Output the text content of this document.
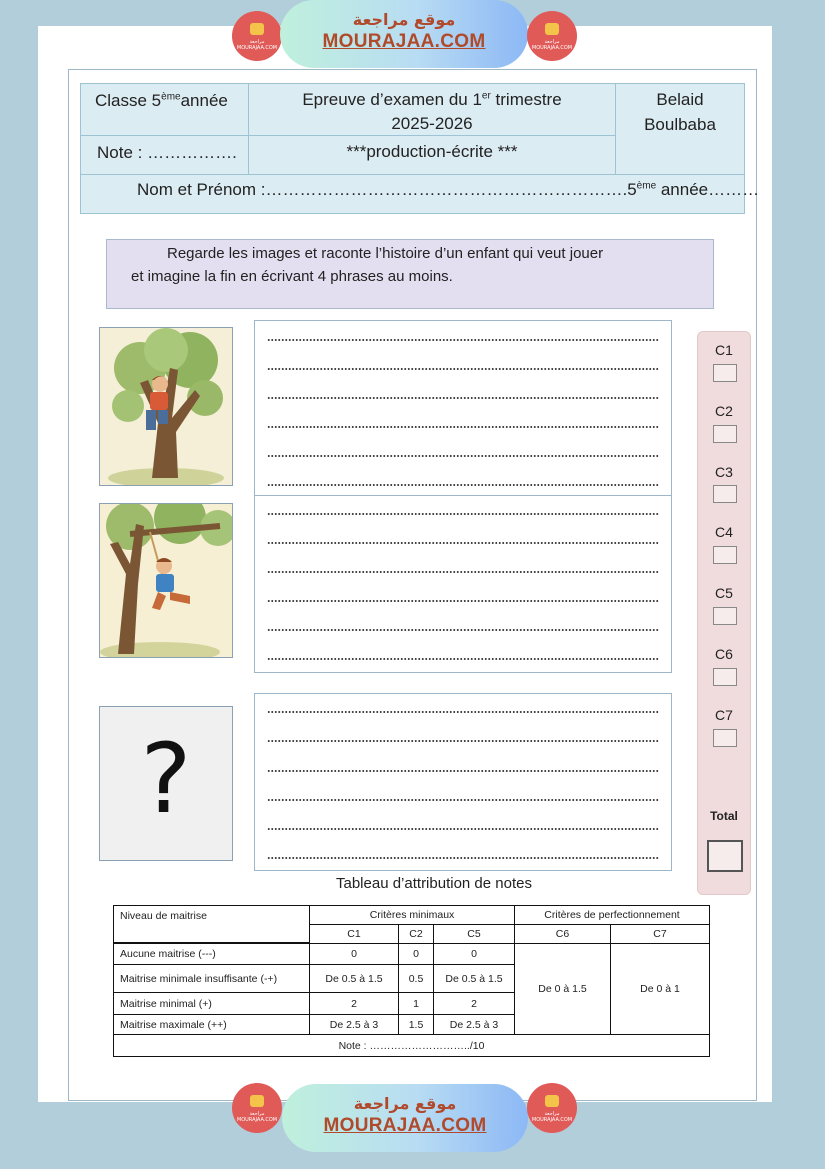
مراجعة MOURAJAA.COM
موقع مراجعة
MOURAJAA.COM	مراجعة MOURAJAA.COM
Classe 5èmeannée	Epreuve d’examen du 1er trimestre
2025-2026
Belaid
Boulbaba
Note : …………….	***production-écrite ***
Nom et Prénom :……………………………………………………….5ème année………
Regarde les images et raconte l’histoire d’un enfant qui veut jouer
et imagine la fin en écrivant 4 phrases au moins.
?
C1
C2
C3
C4
C5
C6
C7
Total
Tableau d’attribution de notes
Niveau de maitrise	Critères minimaux	Critères de perfectionnement
C1	C2	C5	C6	C7
Aucune maitrise (---)	0	0	0
Maitrise minimale insuffisante (-+)	De 0.5 à 1.5	0.5	De 0.5 à 1.5
Maitrise minimal (+)	2	1	2
Maitrise maximale (++)	De 2.5 à 3	1.5	De 2.5 à 3
De 0 à 1.5	De 0 à 1
Note : ………………………../10
مراجعة MOURAJAA.COM
موقع مراجعة
MOURAJAA.COM
مراجعة MOURAJAA.COM
